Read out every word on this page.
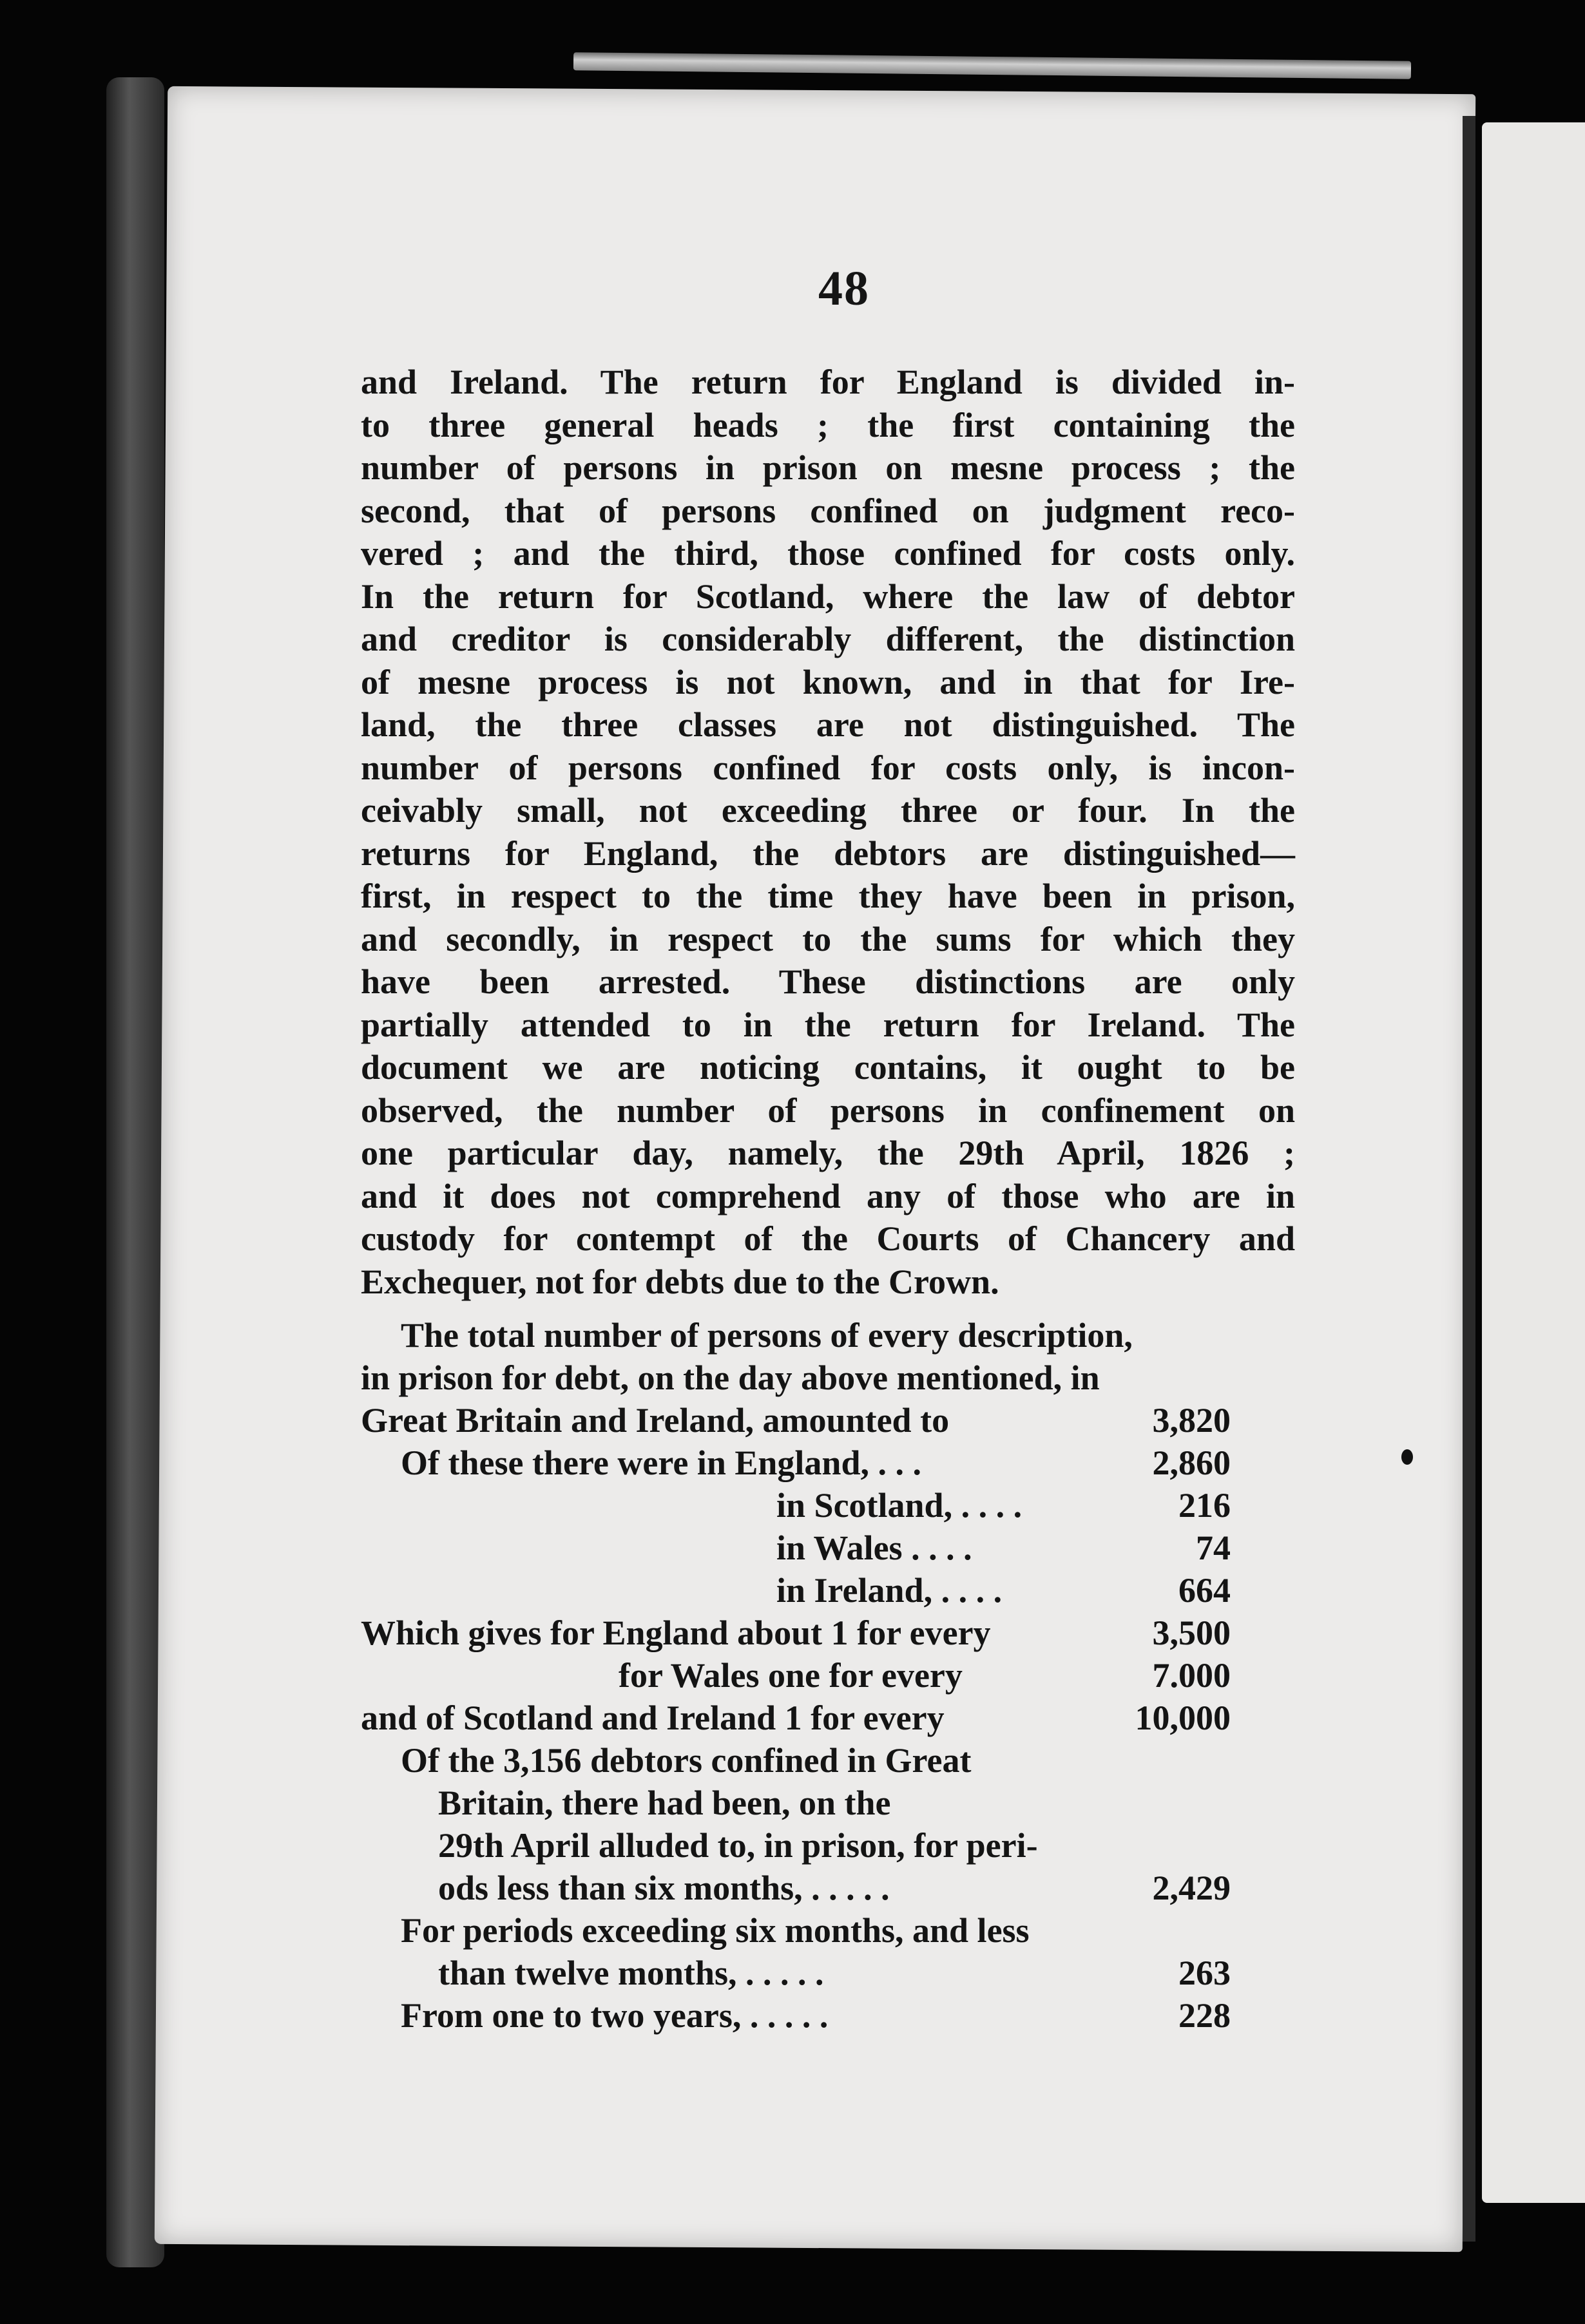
48
and Ireland. The return for England is divided in-
to three general heads ; the first containing the
number of persons in prison on mesne process ; the
second, that of persons confined on judgment reco-
vered ; and the third, those confined for costs only.
In the return for Scotland, where the law of debtor
and creditor is considerably different, the distinction
of mesne process is not known, and in that for Ire-
land, the three classes are not distinguished. The
number of persons confined for costs only, is incon-
ceivably small, not exceeding three or four. In the
returns for England, the debtors are distinguished—
first, in respect to the time they have been in prison,
and secondly, in respect to the sums for which they
have been arrested. These distinctions are only
partially attended to in the return for Ireland. The
document we are noticing contains, it ought to be
observed, the number of persons in confinement on
one particular day, namely, the 29th April, 1826 ;
and it does not comprehend any of those who are in
custody for contempt of the Courts of Chancery and
Exchequer, not for debts due to the Crown.
The total number of persons of every description,
in prison for debt, on the day above mentioned, in
Great Britain and Ireland, amounted to	3,820
Of these there were in England, . . .	2,860
in Scotland, . . . .	216
in Wales . . . .	74
in Ireland, . . . .	664
Which gives for England about 1 for every	3,500
for Wales one for every	7.000
and of Scotland and Ireland 1 for every	10,000
Of the 3,156 debtors confined in Great
Britain, there had been, on the
29th April alluded to, in prison, for peri-
ods less than six months, . . . . .	2,429
For periods exceeding six months, and less
than twelve months, . . . . .	263
From one to two years, . . . . .	228
